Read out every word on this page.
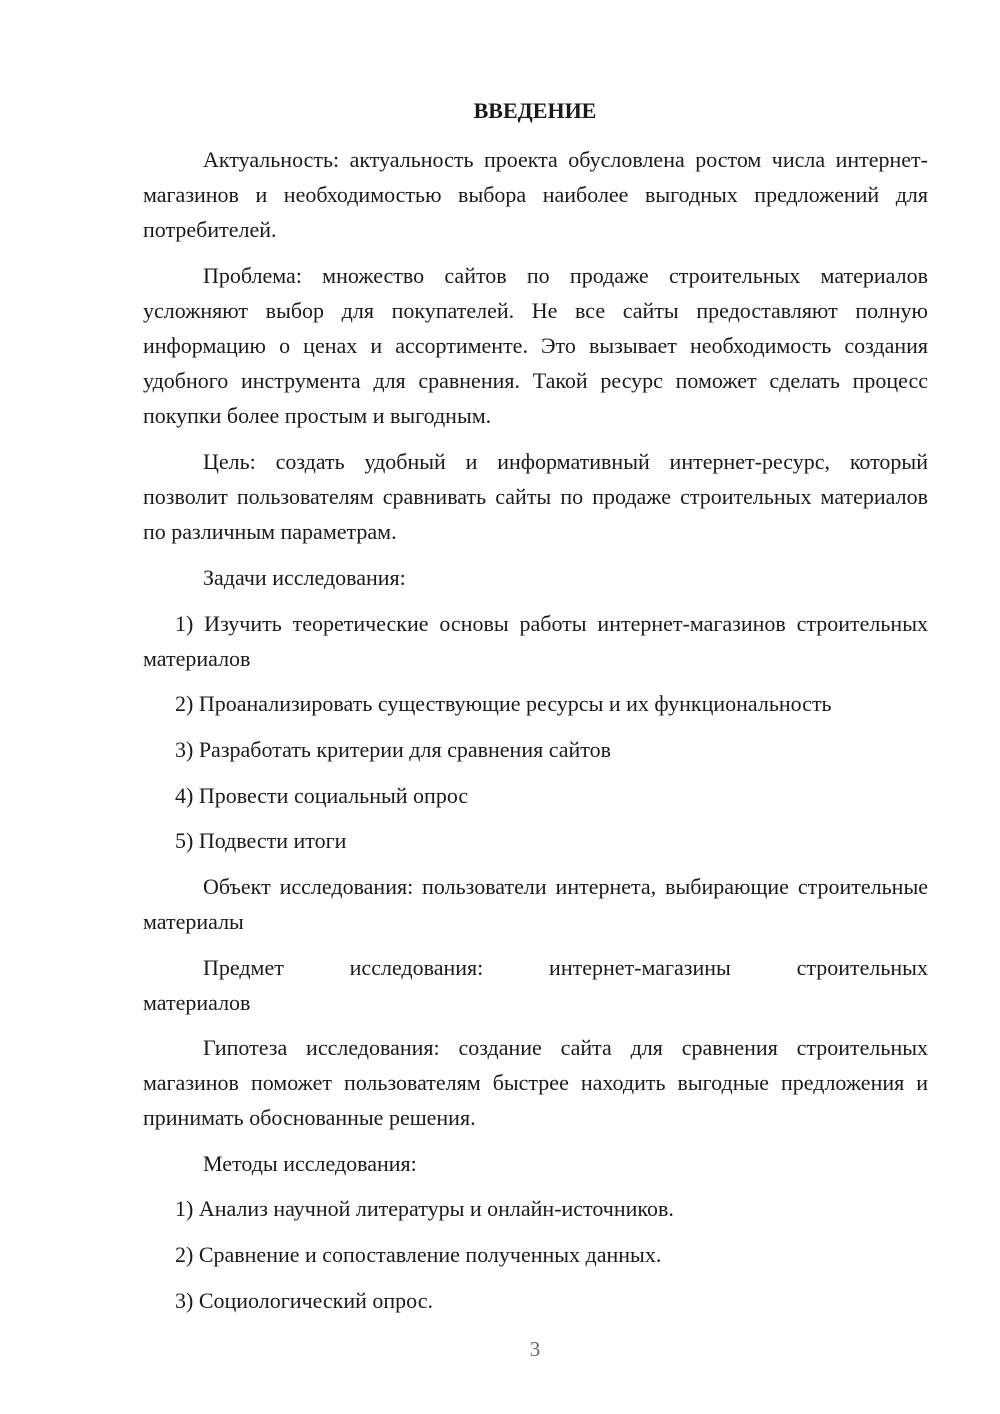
ВВЕДЕНИЕ

Актуальность: актуальность проекта обусловлена ростом числа интернет-магазинов и необходимостью выбора наиболее выгодных предложений для потребителей.

Проблема: множество сайтов по продаже строительных материалов усложняют выбор для покупателей. Не все сайты предоставляют полную информацию о ценах и ассортименте. Это вызывает необходимость создания удобного инструмента для сравнения. Такой ресурс поможет сделать процесс покупки более простым и выгодным.

Цель: создать удобный и информативный интернет-ресурс, который позволит пользователям сравнивать сайты по продаже строительных материалов по различным параметрам.

Задачи исследования:

1) Изучить теоретические основы работы интернет-магазинов строительных материалов

2) Проанализировать существующие ресурсы и их функциональность
3) Разработать критерии для сравнения сайтов
4) Провести социальный опрос
5) Подвести итоги

Объект исследования: пользователи интернета, выбирающие строительные материалы

Предмет	исследования:	интернет-магазины	строительных
материалов

Гипотеза исследования: создание сайта для сравнения строительных магазинов поможет пользователям быстрее находить выгодные предложения и принимать обоснованные решения.

Методы исследования:

1) Анализ научной литературы и онлайн-источников.
2) Сравнение и сопоставление полученных данных.
3) Социологический опрос.
3
